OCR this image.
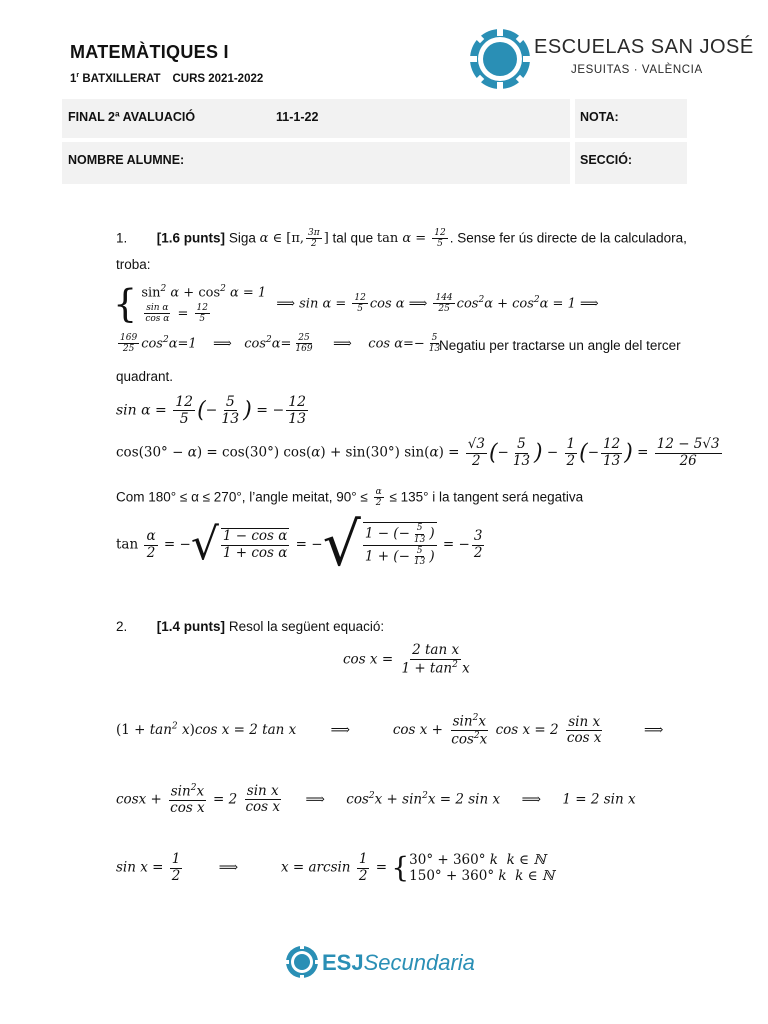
MATEMÀTIQUES I
1$^r$ BATXILLERAT CURS 2021-2022
ESCUELAS SAN JOSÉ
JESUITAS · VALÈNCIA
FINAL 2ª AVALUACIÓ	11-1-22	NOTA:
NOMBRE ALUMNE:	SECCIÓ:
1. [1.6 punts] Siga α ∈ [π, $\frac{3\pi}{2}$ ] tal que $\tan \alpha = \frac{12}{5}$ . Sense fer ús directe de la calculadora,
troba:
{ $\sin^2 \alpha + \cos^2 \alpha = 1$
$\frac{\text{sin α}}{\text{cos α}} = \frac{12}{5}$	⟹ $\sin \alpha = \frac{12}{5}$ cos α ⟹ $\frac{144}{25} \cos^2\alpha + \cos^2\alpha = 1$ ⟹
$\frac{169}{25} \cos^2\alpha=1$    ⟹   $\cos^2\alpha= \frac{25}{169}$ ⟹    $\cos \alpha=- \frac{5}{13}$
Negatiu per tractarse un angle del tercer
quadrant.
$\sin \alpha = \frac{12}{5}$ (− $\frac{5}{13}$ ) = − $\frac{12}{13}$
cos(30° − α) = cos(30°) cos(α) + sin(30°) $\sin(\alpha) = \frac{√3}{2}$ (− $\frac{5}{13}$ ) − $\frac{1}{2}$ (− $\frac{12}{13}$ ) = $\frac{12 - 5√3}{26}$
Com 180° ≤ α ≤ 270°, l’angle meitat, $90^\circ \le \frac{\alpha}{2} \le 135^\circ$ i la tangent será negativa
$\tan \frac{\alpha}{2}$ = −√ $\frac{\text{1 − cos α}}{\text{1 + cos α}}$ = −√ $\frac{1 - (- \frac{5}{13} )}{1 + (- \frac{5}{13} )}$ = − $\frac{3}{2}$
2. [1.4 punts] Resol la següent equació:
$\cos x = \frac{\text{2 tan x}}{1 + \tan^2 x}$
$(1 + \tan^2 x)\cos$ x = 2 tan x        ⟹          $\cos x + \frac{\sin^2x}{\cos^2x}$ $\cos x = 2 \frac{\text{sin x}}{\text{cos x}}$ ⟹
$\cos x + \frac{\sin^2x}{\text{cos x}} = 2 \frac{\text{sin x}}{\text{cos x}}$ ⟹     $\cos^2x + \sin^2x = 2$ sin x     ⟹     1 = 2 sin x
$\sin x = \frac{1}{2}$ ⟹          $x = \arcsin \frac{1}{2}$ = { 30° + 360° k k ∈ ℕ
150° + 360° k k ∈ ℕ
ESJSecundaria
